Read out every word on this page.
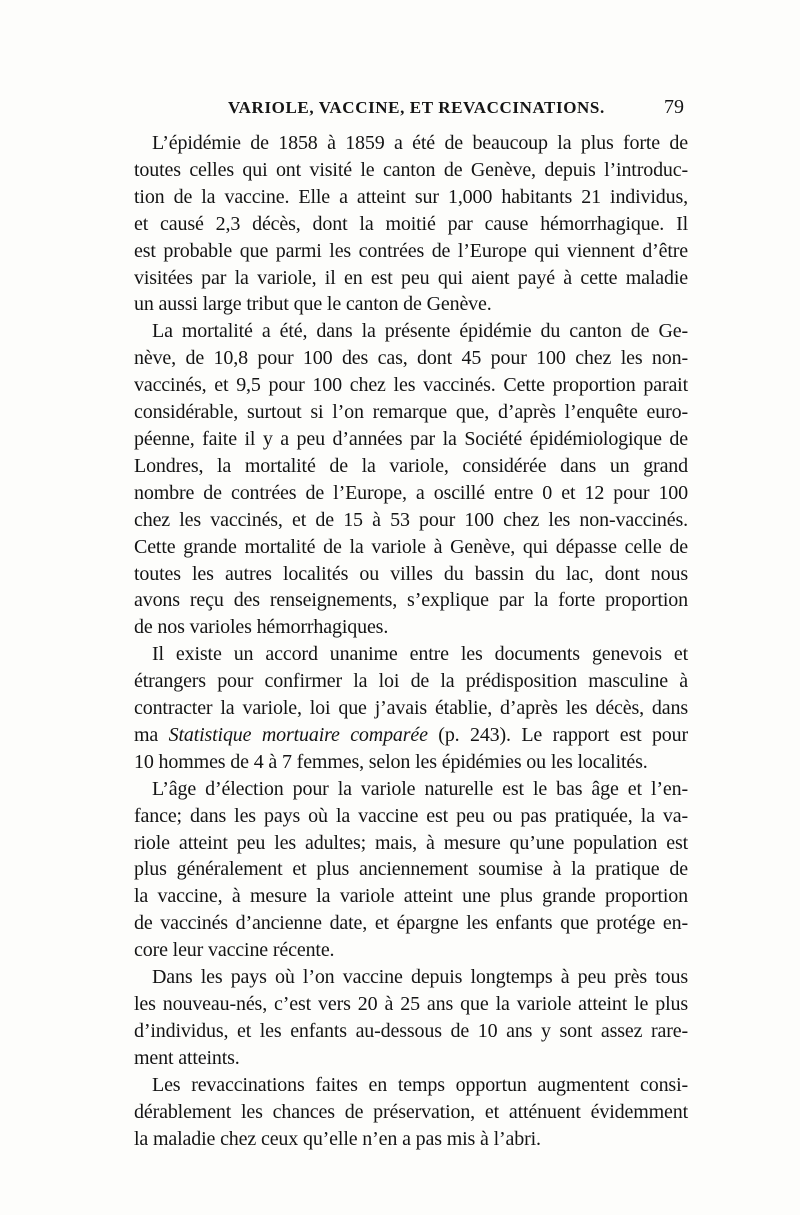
VARIOLE, VACCINE, ET REVACCINATIONS.	79
L’épidémie de 1858 à 1859 a été de beaucoup la plus forte de
toutes celles qui ont visité le canton de Genève, depuis l’introduc-
tion de la vaccine. Elle a atteint sur 1,000 habitants 21 individus,
et causé 2,3 décès, dont la moitié par cause hémorrhagique. Il
est probable que parmi les contrées de l’Europe qui viennent d’être
visitées par la variole, il en est peu qui aient payé à cette maladie
un aussi large tribut que le canton de Genève.
La mortalité a été, dans la présente épidémie du canton de Ge-
nève, de 10,8 pour 100 des cas, dont 45 pour 100 chez les non-
vaccinés, et 9,5 pour 100 chez les vaccinés. Cette proportion parait
considérable, surtout si l’on remarque que, d’après l’enquête euro-
péenne, faite il y a peu d’années par la Société épidémiologique de
Londres, la mortalité de la variole, considérée dans un grand
nombre de contrées de l’Europe, a oscillé entre 0 et 12 pour 100
chez les vaccinés, et de 15 à 53 pour 100 chez les non-vaccinés.
Cette grande mortalité de la variole à Genève, qui dépasse celle de
toutes les autres localités ou villes du bassin du lac, dont nous
avons reçu des renseignements, s’explique par la forte proportion
de nos varioles hémorrhagiques.
Il existe un accord unanime entre les documents genevois et
étrangers pour confirmer la loi de la prédisposition masculine à
contracter la variole, loi que j’avais établie, d’après les décès, dans
ma Statistique mortuaire comparée (p. 243). Le rapport est pour
10 hommes de 4 à 7 femmes, selon les épidémies ou les localités.
L’âge d’élection pour la variole naturelle est le bas âge et l’en-
fance; dans les pays où la vaccine est peu ou pas pratiquée, la va-
riole atteint peu les adultes; mais, à mesure qu’une population est
plus généralement et plus anciennement soumise à la pratique de
la vaccine, à mesure la variole atteint une plus grande proportion
de vaccinés d’ancienne date, et épargne les enfants que protége en-
core leur vaccine récente.
Dans les pays où l’on vaccine depuis longtemps à peu près tous
les nouveau-nés, c’est vers 20 à 25 ans que la variole atteint le plus
d’individus, et les enfants au-dessous de 10 ans y sont assez rare-
ment atteints.
Les revaccinations faites en temps opportun augmentent consi-
dérablement les chances de préservation, et atténuent évidemment
la maladie chez ceux qu’elle n’en a pas mis à l’abri.
